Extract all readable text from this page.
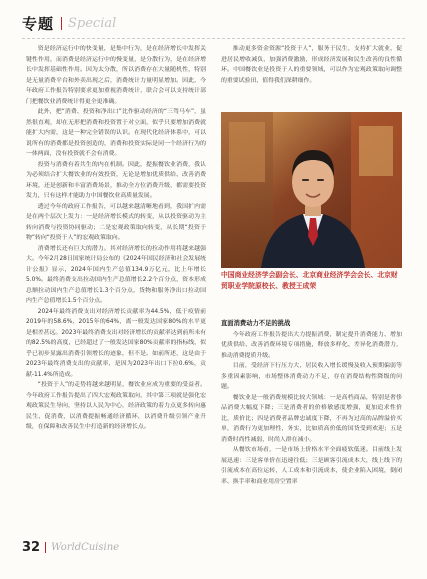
专题 Special

资是经济运行中的快变量，是集中行为，是在经济增长中发挥关键性作用，而消费是经济运行中的慢变量，是分散行为，是在经济增长中发挥基础性作用。因为太分散，所以消费存在大量随机性，特别是无量消费平台和外卖出现之后，消费统计力量明显增加。因此，今年政府工作报告特别要求更加重视消费统计，联合会可以支持统计部门把餐饮业消费统计得更全更准确。

此外，把“消费、投资和净出口”比作驱动经济的“三驾马车”，虽然很直观，却在无形把消费和投资置于对立面，似乎只要增加消费就能扩大内需，这是一种完全错误的认识。在现代化经济体系中，可以说所有的消费都是投资创造的，消费和投资实际是同一个经济行为的一体两面，没有投资就不会有消费。

投资与消费有着共生的内在机制。因此，提振餐饮业消费，我认为必须结合扩大餐饮业的有效投资，无论是增加优质供给、改善消费环境，还是创新和丰富消费场景，推动全方位消费升级，都需要投资发力，只有这样才能助力中国餐饮业高质量发展。

透过今年的政府工作报告，可以越来越清晰地看到，我国扩内需是在两个层次上发力：一是经济增长模式的转变，从以投资驱动为主转向消费与投资协同驱动；二是宏观政策取向转变，从长期“投资于物”转向“投资于人”的宏观政策取向。

消费增长还有巨大的潜力。其对经济增长的拉动作用将越来越强大。今年2月28日国家统计局公布的《2024年国民经济和社会发展统计公报》显示，2024年国内生产总值134.9万亿元，比上年增长5.0%。最终消费支出拉动国内生产总值增长2.2个百分点，资本形成总额拉动国内生产总值增长1.3个百分点，货物和服务净出口拉动国内生产总值增长1.5个百分点。

2024年最终消费支出对经济增长贡献率为44.5%，低于疫情前2019年的58.6%、2015年的64%，离一般发达国家80%的水平更是相差甚远。2023年最终消费支出对经济增长的贡献率达到前所未有的82.5%的高度，已经超过了一般发达国家80%贡献率的指标线，似乎已初步显露出消费引领增长的迹象，但不是。如前所述，这是由于2023年最终消费支出的贡献率，是因为2023年出口下拉0.6%，贡献-11.4%所造成。

“投资于人”的走势将越来越明显，餐饮业应成为重要的受益者。今年政府工作报告提出了四大宏观政策取向，其中第三项就是强化宏观政策民生导向，坚持以人民为中心，经济政策的着力点更多转向惠民生、促消费，以消费提振畅通经济循环，以消费升级引领产业升级，在保障和改善民生中打造新的经济增长点。

推动更多资金资源“投资于人”，服务于民生，支持扩大就业，促进居民增收减负，加强消费激励，形成经济发展和民生改善的良性循环。中国餐饮业是投资于人的重要领域，可以作为宏观政策取向调整的重要试验田，值得我们深耕细作。

中国商业经济学会副会长、北京商业经济学会会长、北京财贸职业学院原校长、教授王成荣

直面消费动力不足的挑战

今年政府工作报告提出大力提振消费，制定提升消费能力、增加优质供给、改善消费环境专项措施，释放多样化、差异化消费潜力，推动消费提质升级。

目前，受经济下行压力大，居民收入增长缓慢及收入预期偏弱等多重因素影响，市场整体消费动力不足，存在消费结构性降级的问题。

餐饮业是一般消费规模比较大领域：一是高档商品，特别是奢侈品消费大幅度下降；三是消费者的价格敏感度增强，更加追求性价比，质价比；四是消费者品牌忠诚度下降，不再为过高的品牌溢价买单，消费行为更加理性，务实，比如质高价低的国货受到欢迎；五是消费时尚性减弱，时尚人群在减小。

从餐饮市场看，一是市场上价格水平全面疲软低迷。目前线上发展迅速：三是客单价在迅速往低；三是顾客引流成本大，线上线下的引流成本在高位运转，人工成本和引流成本，使企业陷入困境，倒闭率、换手率和商业用房空置率

32 WorldCuisine
